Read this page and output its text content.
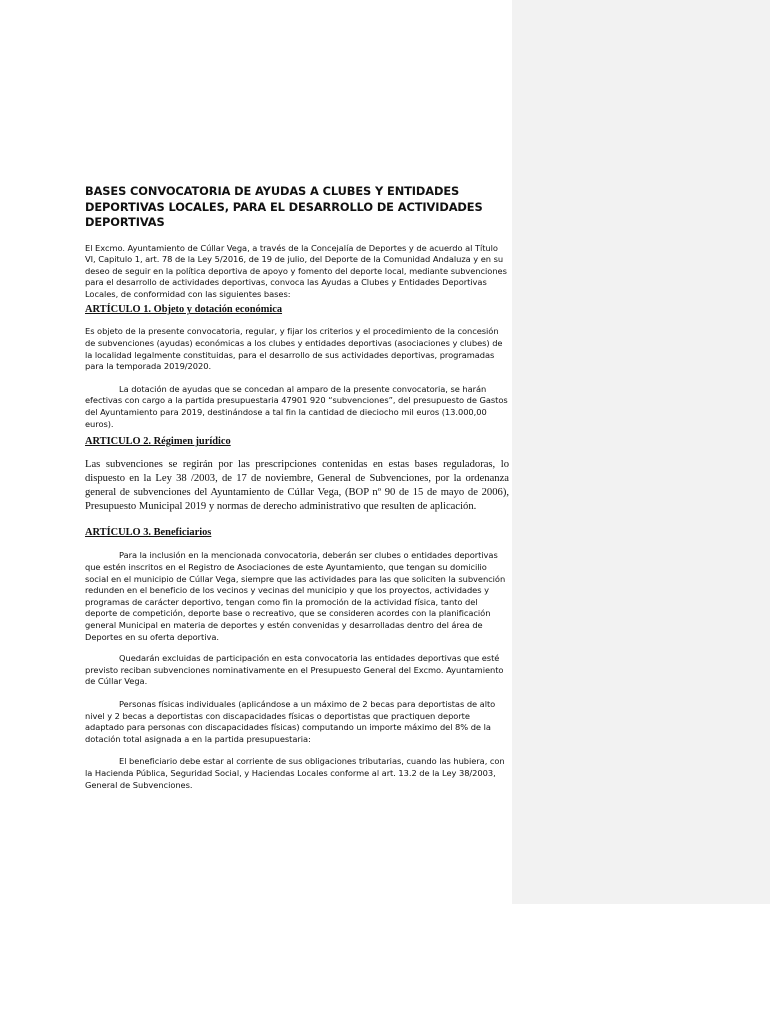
BASES CONVOCATORIA DE AYUDAS A CLUBES Y ENTIDADES DEPORTIVAS LOCALES, PARA EL DESARROLLO DE ACTIVIDADES DEPORTIVAS

El Excmo. Ayuntamiento de Cúllar Vega, a través de la Concejalía de Deportes y de acuerdo al Título VI, Capitulo 1, art. 78 de la Ley 5/2016, de 19 de julio, del Deporte de la Comunidad Andaluza y en su deseo de seguir en la política deportiva de apoyo y fomento del deporte local, mediante subvenciones para el desarrollo de actividades deportivas, convoca las Ayudas a Clubes y Entidades Deportivas Locales, de conformidad con las siguientes bases:

ARTÍCULO 1. Objeto y dotación económica

Es objeto de la presente convocatoria, regular, y fijar los criterios y el procedimiento de la concesión de subvenciones (ayudas) económicas a los clubes y entidades deportivas (asociaciones y clubes) de la localidad legalmente constituidas, para el desarrollo de sus actividades deportivas, programadas para la temporada 2019/2020.

La dotación de ayudas que se concedan al amparo de la presente convocatoria, se harán efectivas con cargo a la partida presupuestaria 47901 920 “subvenciones”, del presupuesto de Gastos del Ayuntamiento para 2019, destinándose a tal fin la cantidad de dieciocho mil euros (13.000,00 euros).

ARTICULO 2. Régimen jurídico

Las subvenciones se regirán por las prescripciones contenidas en estas bases reguladoras, lo dispuesto en la Ley 38 /2003, de 17 de noviembre, General de Subvenciones, por la ordenanza general de subvenciones del Ayuntamiento de Cúllar Vega, (BOP nº 90 de 15 de mayo de 2006), Presupuesto Municipal 2019 y normas de derecho administrativo que resulten de aplicación.

ARTÍCULO 3. Beneficiarios

Para la inclusión en la mencionada convocatoria, deberán ser clubes o entidades deportivas que estén inscritos en el Registro de Asociaciones de este Ayuntamiento, que tengan su domicilio social en el municipio de Cúllar Vega, siempre que las actividades para las que soliciten la subvención redunden en el beneficio de los vecinos y vecinas del municipio y que los proyectos, actividades y programas de carácter deportivo, tengan como fin la promoción de la actividad física, tanto del deporte de competición, deporte base o recreativo, que se consideren acordes con la planificación general Municipal en materia de deportes y estén convenidas y desarrolladas dentro del área de Deportes en su oferta deportiva.

Quedarán excluidas de participación en esta convocatoria las entidades deportivas que esté previsto reciban subvenciones nominativamente en el Presupuesto General del Excmo. Ayuntamiento de Cúllar Vega.

Personas físicas individuales (aplicándose a un máximo de 2 becas para deportistas de alto nivel y 2 becas a deportistas con discapacidades físicas o deportistas que practiquen deporte adaptado para personas con discapacidades físicas) computando un importe máximo del 8% de la dotación total asignada a en la partida presupuestaria:

El beneficiario debe estar al corriente de sus obligaciones tributarias, cuando las hubiera, con la Hacienda Pública, Seguridad Social, y Haciendas Locales conforme al art. 13.2 de la Ley 38/2003, General de Subvenciones.
